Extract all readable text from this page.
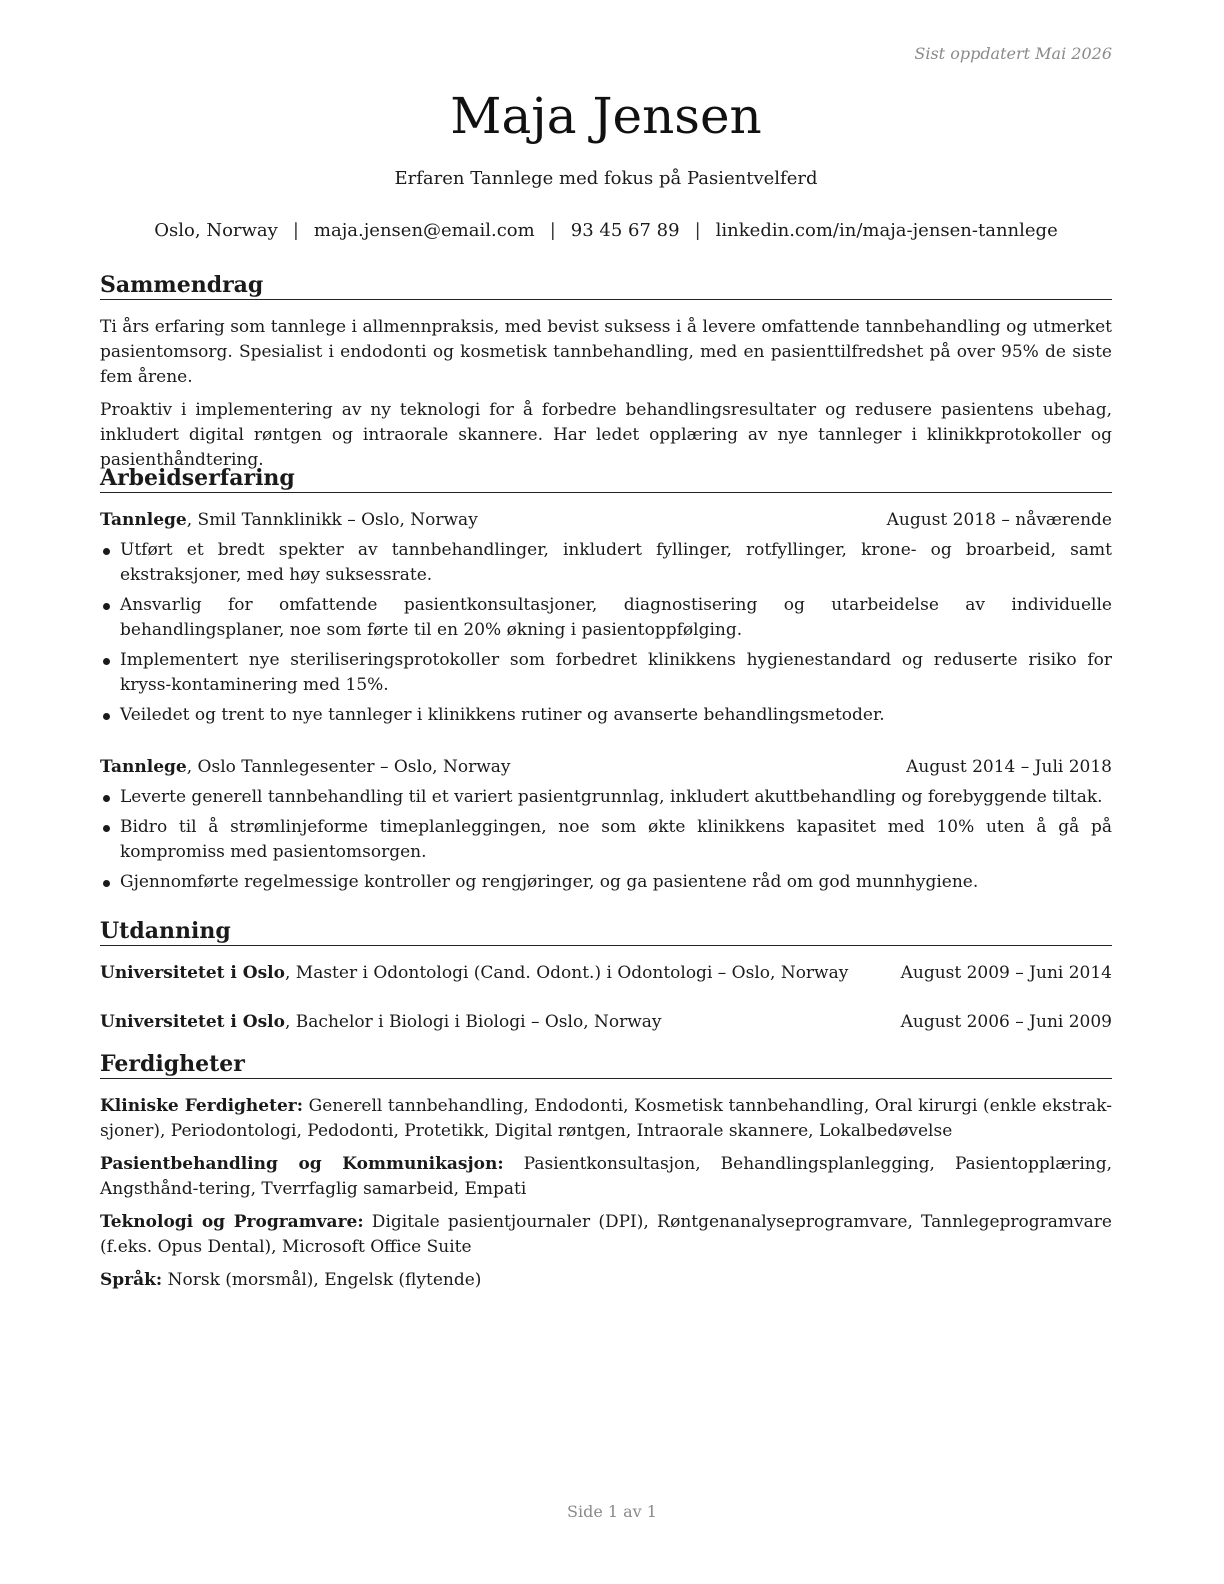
Sist oppdatert Mai 2026
Maja Jensen
Erfaren Tannlege med fokus på Pasientvelferd
Oslo, Norway | maja.jensen@email.com | 93 45 67 89 | linkedin.com/in/maja-jensen-tannlege
Sammendrag

Ti års erfaring som tannlege i allmennpraksis, med bevist suksess i å levere omfattende tannbehandling og utmerket pasientomsorg. Spesialist i endodonti og kosmetisk tannbehandling, med en pasienttilfredshet på over 95% de siste fem årene.

Proaktiv i implementering av ny teknologi for å forbedre behandlingsresultater og redusere pasientens ubehag, inkludert digital røntgen og intraorale skannere. Har ledet opplæring av nye tannleger i klinikkprotokoller og pasienthåndtering.

Arbeidserfaring
Tannlege, Smil Tannklinikk – Oslo, Norway	August 2018 – nåværende
Utført et bredt spekter av tannbehandlinger, inkludert fyllinger, rotfyllinger, krone- og broarbeid, samt ekstraksjoner, med høy suksessrate.
Ansvarlig for omfattende pasientkonsultasjoner, diagnostisering og utarbeidelse av individuelle behandlingsplaner, noe som førte til en 20% økning i pasientoppfølging.
Implementert nye steriliseringsprotokoller som forbedret klinikkens hygienestandard og reduserte risiko for kryss-kontaminering med 15%.
Veiledet og trent to nye tannleger i klinikkens rutiner og avanserte behandlingsmetoder.
Tannlege, Oslo Tannlegesenter – Oslo, Norway	August 2014 – Juli 2018
Leverte generell tannbehandling til et variert pasientgrunnlag, inkludert akuttbehandling og forebyggende tiltak.
Bidro til å strømlinjeforme timeplanleggingen, noe som økte klinikkens kapasitet med 10% uten å gå på kompromiss med pasientomsorgen.
Gjennomførte regelmessige kontroller og rengjøringer, og ga pasientene råd om god munnhygiene.
Utdanning
Universitetet i Oslo, Master i Odontologi (Cand. Odont.) i Odontologi – Oslo, Norway	August 2009 – Juni 2014
Universitetet i Oslo, Bachelor i Biologi i Biologi – Oslo, Norway	August 2006 – Juni 2009
Ferdigheter
Kliniske Ferdigheter: Generell tannbehandling, Endodonti, Kosmetisk tannbehandling, Oral kirurgi (enkle ekstrak-sjoner), Periodontologi, Pedodonti, Protetikk, Digital røntgen, Intraorale skannere, Lokalbedøvelse
Pasientbehandling og Kommunikasjon: Pasientkonsultasjon, Behandlingsplanlegging, Pasientopplæring, Angsthånd-tering, Tverrfaglig samarbeid, Empati
Teknologi og Programvare: Digitale pasientjournaler (DPI), Røntgenanalyseprogramvare, Tannlegeprogramvare (f.eks. Opus Dental), Microsoft Office Suite
Språk: Norsk (morsmål), Engelsk (flytende)
Side 1 av 1
